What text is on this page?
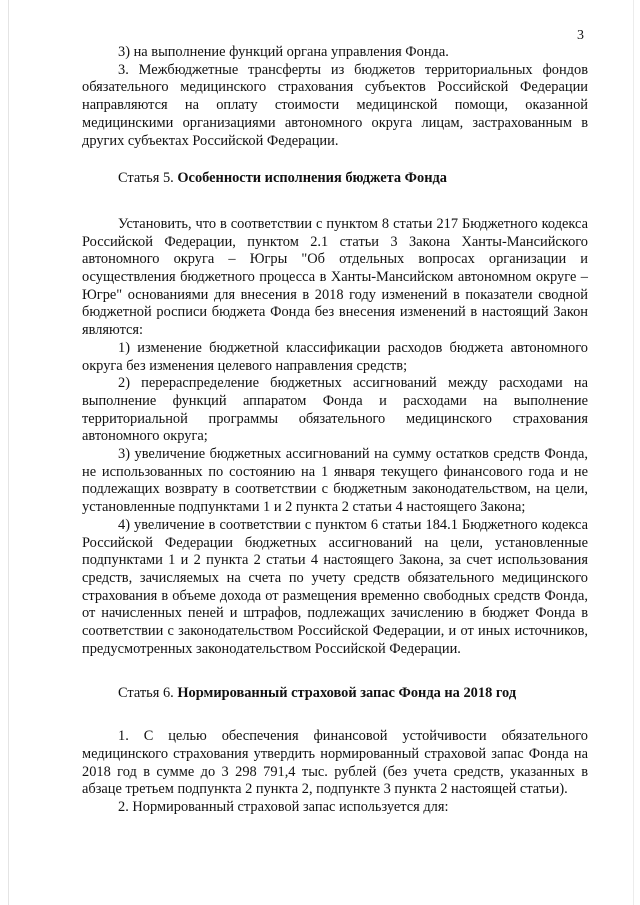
3

3) на выполнение функций органа управления Фонда.

3. Межбюджетные трансферты из бюджетов территориальных фондов обязательного медицинского страхования субъектов Российской Федерации направляются на оплату стоимости медицинской помощи, оказанной медицинскими организациями автономного округа лицам, застрахованным в других субъектах Российской Федерации.

Статья 5. Особенности исполнения бюджета Фонда

Установить, что в соответствии с пунктом 8 статьи 217 Бюджетного кодекса Российской Федерации, пунктом 2.1 статьи 3 Закона Ханты-Мансийского автономного округа – Югры "Об отдельных вопросах организации и осуществления бюджетного процесса в Ханты-Мансийском автономном округе – Югре" основаниями для внесения в 2018 году изменений в показатели сводной бюджетной росписи бюджета Фонда без внесения изменений в настоящий Закон являются:

1) изменение бюджетной классификации расходов бюджета автономного округа без изменения целевого направления средств;

2) перераспределение бюджетных ассигнований между расходами на выполнение функций аппаратом Фонда и расходами на выполнение территориальной программы обязательного медицинского страхования автономного округа;

3) увеличение бюджетных ассигнований на сумму остатков средств Фонда, не использованных по состоянию на 1 января текущего финансового года и не подлежащих возврату в соответствии с бюджетным законодательством, на цели, установленные подпунктами 1 и 2 пункта 2 статьи 4 настоящего Закона;

4) увеличение в соответствии с пунктом 6 статьи 184.1 Бюджетного кодекса Российской Федерации бюджетных ассигнований на цели, установленные подпунктами 1 и 2 пункта 2 статьи 4 настоящего Закона, за счет использования средств, зачисляемых на счета по учету средств обязательного медицинского страхования в объеме дохода от размещения временно свободных средств Фонда, от начисленных пеней и штрафов, подлежащих зачислению в бюджет Фонда в соответствии с законодательством Российской Федерации, и от иных источников, предусмотренных законодательством Российской Федерации.

Статья 6. Нормированный страховой запас Фонда на 2018 год

1. С целью обеспечения финансовой устойчивости обязательного медицинского страхования утвердить нормированный страховой запас Фонда на 2018 год в сумме до 3 298 791,4 тыс. рублей (без учета средств, указанных в абзаце третьем подпункта 2 пункта 2, подпункте 3 пункта 2 настоящей статьи).

2. Нормированный страховой запас используется для:
